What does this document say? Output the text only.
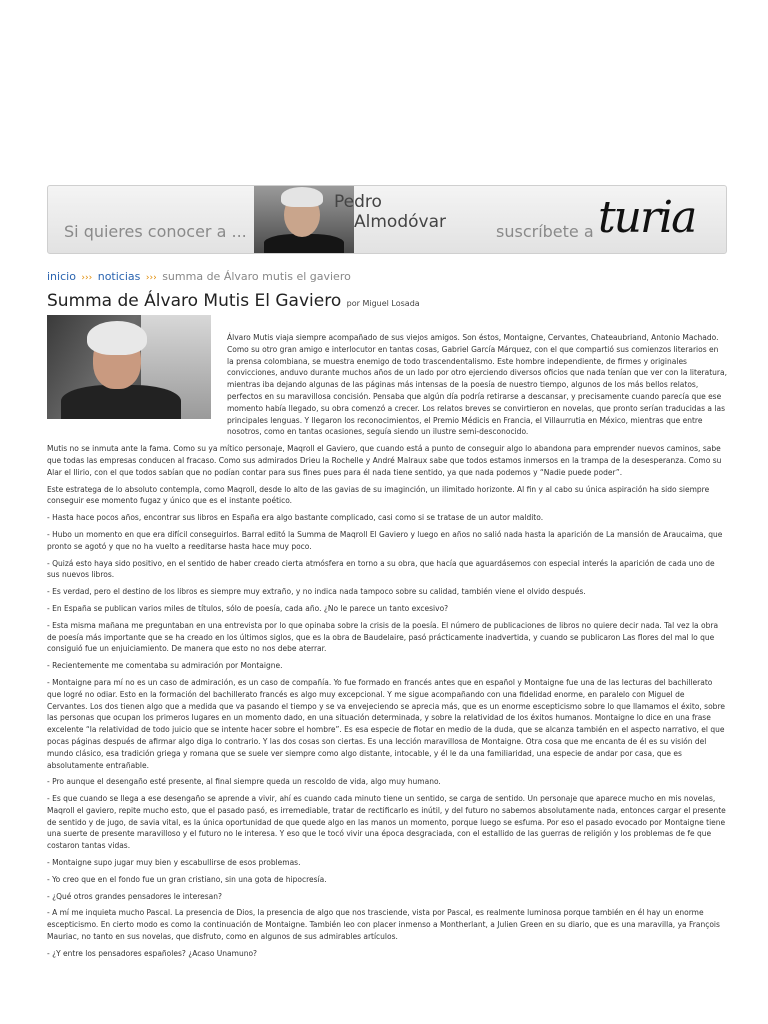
Si quieres conocer a ...
Pedro
Almodóvar	suscríbete a turia
inicio ››› noticias ››› summa de Álvaro mutis el gaviero
Summa de Álvaro Mutis El Gaviero por Miguel Losada

Álvaro Mutis viaja siempre acompañado de sus viejos amigos. Son éstos, Montaigne, Cervantes, Chateaubriand, Antonio Machado. Como su otro gran amigo e interlocutor en tantas cosas, Gabriel García Márquez, con el que compartió sus comienzos literarios en la prensa colombiana, se muestra enemigo de todo trascendentalismo. Este hombre independiente, de firmes y originales convicciones, anduvo durante muchos años de un lado por otro ejerciendo diversos oficios que nada tenían que ver con la literatura, mientras iba dejando algunas de las páginas más intensas de la poesía de nuestro tiempo, algunos de los más bellos relatos, perfectos en su maravillosa concisión. Pensaba que algún día podría retirarse a descansar, y precisamente cuando parecía que ese momento había llegado, su obra comenzó a crecer. Los relatos breves se convirtieron en novelas, que pronto serían traducidas a las principales lenguas. Y llegaron los reconocimientos, el Premio Médicis en Francia, el Villaurrutia en México, mientras que entre nosotros, como en tantas ocasiones, seguía siendo un ilustre semi-desconocido.

Mutis no se inmuta ante la fama. Como su ya mítico personaje, Maqroll el Gaviero, que cuando está a punto de conseguir algo lo abandona para emprender nuevos caminos, sabe que todas las empresas conducen al fracaso. Como sus admirados Drieu la Rochelle y André Malraux sabe que todos estamos inmersos en la trampa de la desesperanza. Como su Alar el Ilirio, con el que todos sabían que no podían contar para sus fines pues para él nada tiene sentido, ya que nada podemos y “Nadie puede poder”.

Este estratega de lo absoluto contempla, como Maqroll, desde lo alto de las gavias de su imaginción, un ilimitado horizonte. Al fin y al cabo su única aspiración ha sido siempre conseguir ese momento fugaz y único que es el instante poético.

- Hasta hace pocos años, encontrar sus libros en España era algo bastante complicado, casi como si se tratase de un autor maldito.

- Hubo un momento en que era difícil conseguirlos. Barral editó la Summa de Maqroll El Gaviero y luego en años no salió nada hasta la aparición de La mansión de Araucaima, que pronto se agotó y que no ha vuelto a reeditarse hasta hace muy poco.

- Quizá esto haya sido positivo, en el sentido de haber creado cierta atmósfera en torno a su obra, que hacía que aguardásemos con especial interés la aparición de cada uno de sus nuevos libros.

- Es verdad, pero el destino de los libros es siempre muy extraño, y no indica nada tampoco sobre su calidad, también viene el olvido después.

- En España se publican varios miles de títulos, sólo de poesía, cada año. ¿No le parece un tanto excesivo?

- Esta misma mañana me preguntaban en una entrevista por lo que opinaba sobre la crisis de la poesía. El número de publicaciones de libros no quiere decir nada. Tal vez la obra de poesía más importante que se ha creado en los últimos siglos, que es la obra de Baudelaire, pasó prácticamente inadvertida, y cuando se publicaron Las flores del mal lo que consiguió fue un enjuiciamiento. De manera que esto no nos debe aterrar.

- Recientemente me comentaba su admiración por Montaigne.

- Montaigne para mí no es un caso de admiración, es un caso de compañía. Yo fue formado en francés antes que en español y Montaigne fue una de las lecturas del bachillerato que logré no odiar. Esto en la formación del bachillerato francés es algo muy excepcional. Y me sigue acompañando con una fidelidad enorme, en paralelo con Miguel de Cervantes. Los dos tienen algo que a medida que va pasando el tiempo y se va envejeciendo se aprecia más, que es un enorme escepticismo sobre lo que llamamos el éxito, sobre las personas que ocupan los primeros lugares en un momento dado, en una situación determinada, y sobre la relatividad de los éxitos humanos. Montaigne lo dice en una frase excelente “la relatividad de todo juicio que se intente hacer sobre el hombre”. Es esa especie de flotar en medio de la duda, que se alcanza también en el aspecto narrativo, el que pocas páginas después de afirmar algo diga lo contrario. Y las dos cosas son ciertas. Es una lección maravillosa de Montaigne. Otra cosa que me encanta de él es su visión del mundo clásico, esa tradición griega y romana que se suele ver siempre como algo distante, intocable, y él le da una familiaridad, una especie de andar por casa, que es absolutamente entrañable.

- Pro aunque el desengaño esté presente, al final siempre queda un rescoldo de vida, algo muy humano.

- Es que cuando se llega a ese desengaño se aprende a vivir, ahí es cuando cada minuto tiene un sentido, se carga de sentido. Un personaje que aparece mucho en mis novelas, Maqroll el gaviero, repite mucho esto, que el pasado pasó, es irremediable, tratar de rectificarlo es inútil, y del futuro no sabemos absolutamente nada, entonces cargar el presente de sentido y de jugo, de savia vital, es la única oportunidad de que quede algo en las manos un momento, porque luego se esfuma. Por eso el pasado evocado por Montaigne tiene una suerte de presente maravilloso y el futuro no le interesa. Y eso que le tocó vivir una época desgraciada, con el estallido de las guerras de religión y los problemas de fe que costaron tantas vidas.

- Montaigne supo jugar muy bien y escabullirse de esos problemas.

- Yo creo que en el fondo fue un gran cristiano, sin una gota de hipocresía.

- ¿Qué otros grandes pensadores le interesan?

- A mí me inquieta mucho Pascal. La presencia de Dios, la presencia de algo que nos trasciende, vista por Pascal, es realmente luminosa porque también en él hay un enorme escepticismo. En cierto modo es como la continuación de Montaigne. También leo con placer inmenso a Montherlant, a Julien Green en su diario, que es una maravilla, ya François Mauriac, no tanto en sus novelas, que disfruto, como en algunos de sus admirables artículos.

- ¿Y entre los pensadores españoles? ¿Acaso Unamuno?
